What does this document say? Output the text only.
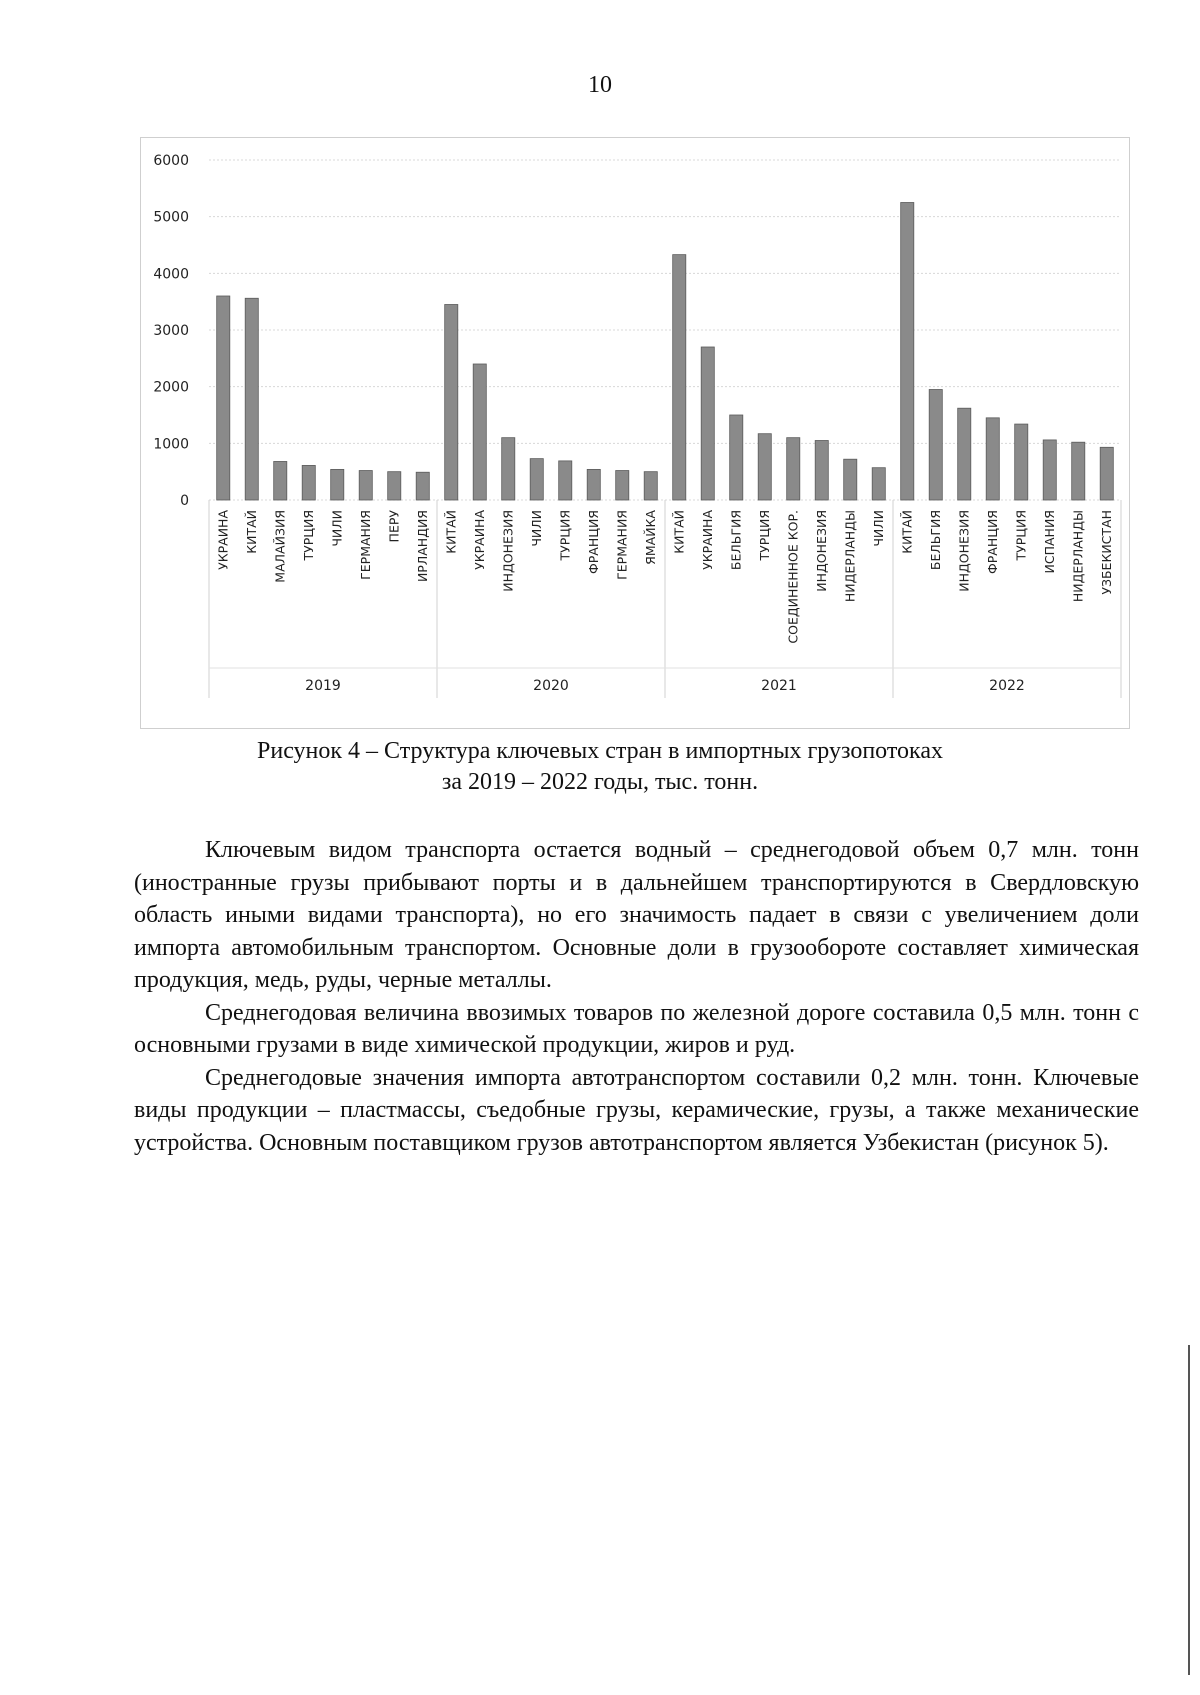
10
0
1000
2000
3000
4000
5000
6000
УКРАИНА КИТАЙ МАЛАЙЗИЯ ТУРЦИЯ ЧИЛИ ГЕРМАНИЯ ПЕРУ ИРЛАНДИЯ КИТАЙ УКРАИНА ИНДОНЕЗИЯ ЧИЛИ ТУРЦИЯ ФРАНЦИЯ ГЕРМАНИЯ ЯМАЙКА КИТАЙ УКРАИНА БЕЛЬГИЯ ТУРЦИЯ СОЕДИНЕННОЕ КОР. ИНДОНЕЗИЯ НИДЕРЛАНДЫ ЧИЛИ КИТАЙ БЕЛЬГИЯ ИНДОНЕЗИЯ ФРАНЦИЯ ТУРЦИЯ ИСПАНИЯ НИДЕРЛАНДЫ УЗБЕКИСТАН
2019	2020	2021	2022
Рисунок 4 – Структура ключевых стран в импортных грузопотоках
за 2019 – 2022 годы, тыс. тонн.

Ключевым видом транспорта остается водный – среднегодовой объем 0,7 млн. тонн (иностранные грузы прибывают порты и в дальнейшем транспортируются в Свердловскую область иными видами транспорта), но его значимость падает в связи с увеличением доли импорта автомобильным транспортом. Основные доли в грузообороте составляет химическая продукция, медь, руды, черные металлы.

Среднегодовая величина ввозимых товаров по железной дороге составила 0,5 млн. тонн с основными грузами в виде химической продукции, жиров и руд.

Среднегодовые значения импорта автотранспортом составили 0,2 млн. тонн. Ключевые виды продукции – пластмассы, съедобные грузы, керамические, грузы, а также механические устройства. Основным поставщиком грузов автотранспортом является Узбекистан (рисунок 5).
